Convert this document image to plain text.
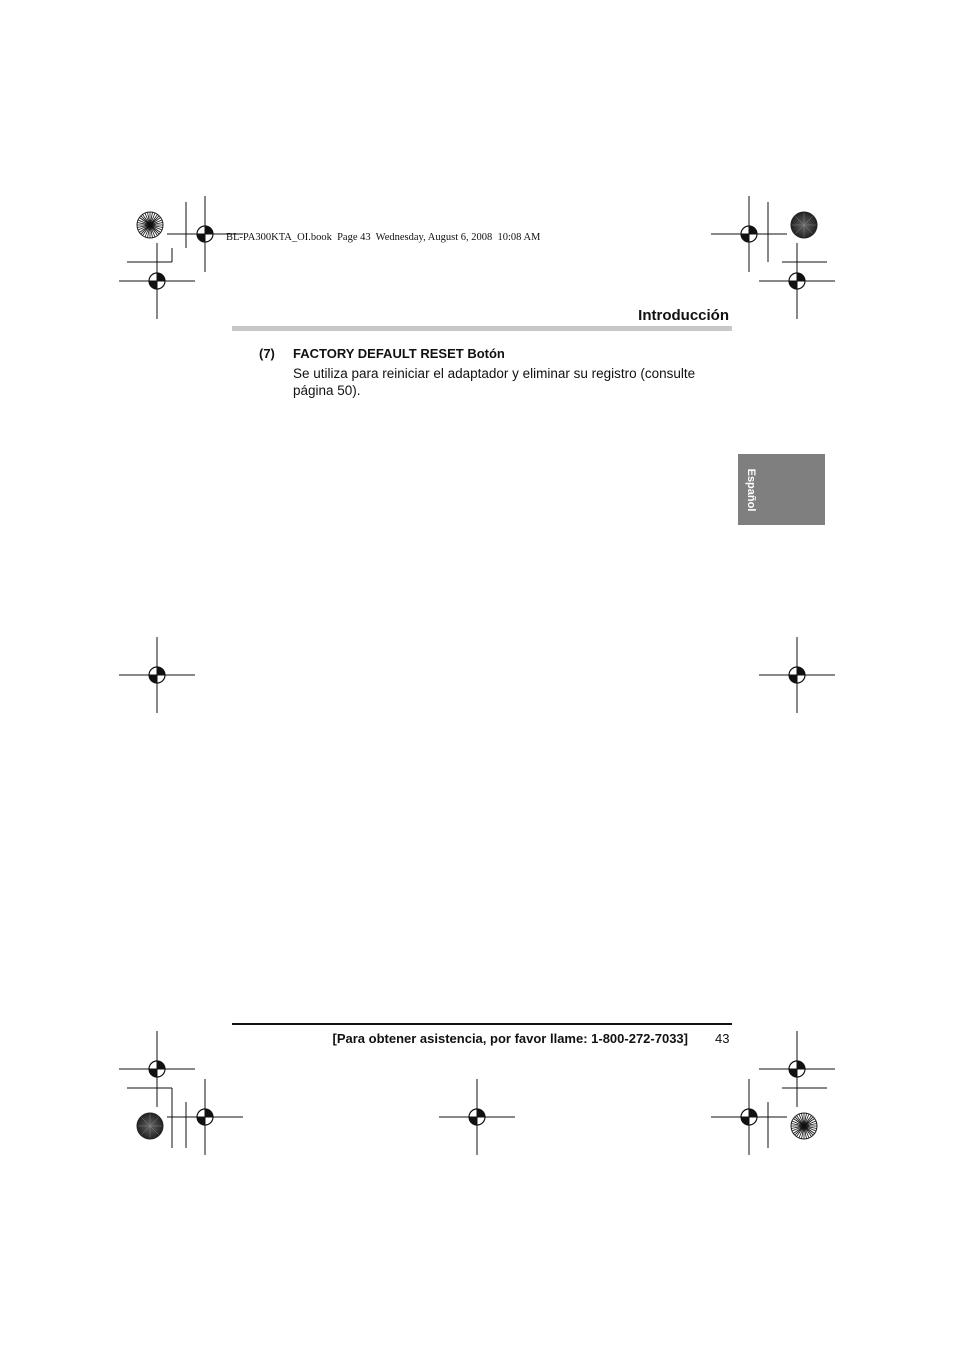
BL-PA300KTA_OI.book  Page 43  Wednesday, August 6, 2008  10:08 AM
Introducción
(7) FACTORY DEFAULT RESET Botón
Se utiliza para reiniciar el adaptador y eliminar su registro (consulte página 50).
Español
[Para obtener asistencia, por favor llame: 1-800-272-7033] 43
